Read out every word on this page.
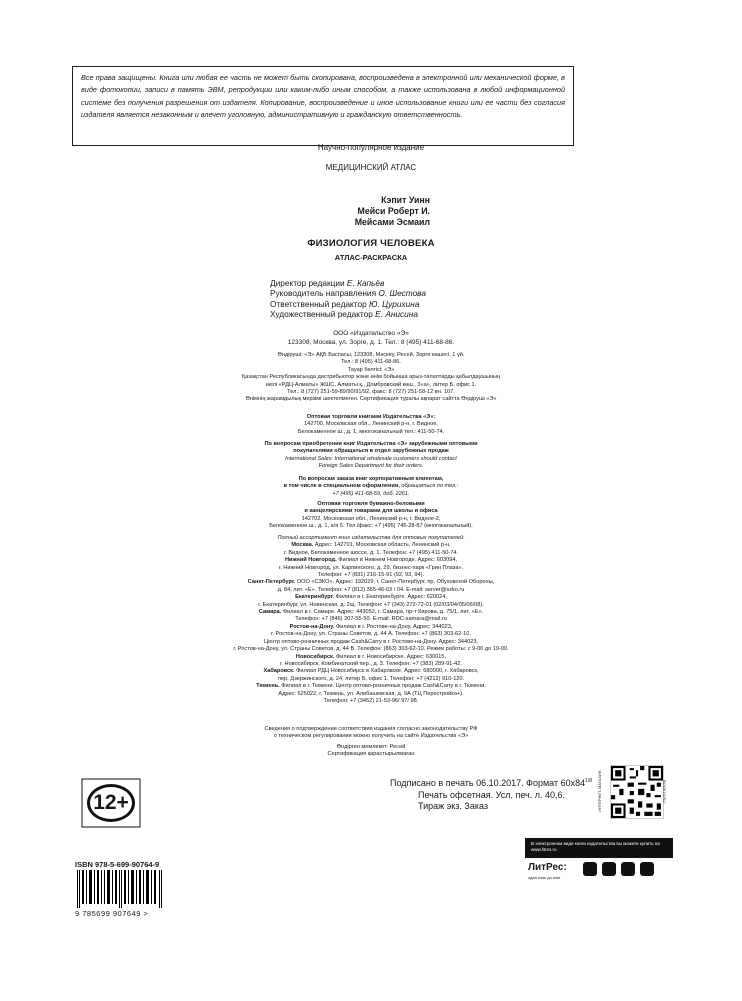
Все права защищены. Книга или любая ее часть не может быть скопирована, воспроизведена в электронной или механической форме, в виде фотокопии, записи в память ЭВМ, репродукции или каким-либо иным способом, а также использована в любой информационной системе без получения разрешения от издателя. Копирование, воспроизведение и иное использование книги или ее части без согласия издателя является незаконным и влечет уголовную, административную и гражданскую ответственность.
Научно-популярное издание
МЕДИЦИНСКИЙ АТЛАС
Кэпит Уинн
Мейси Роберт И.
Мейсами Эсмаил
ФИЗИОЛОГИЯ ЧЕЛОВЕКА
АТЛАС-РАСКРАСКА
Директор редакции Е. Капьёв
Руководитель направления О. Шестова
Ответственный редактор Ю. Цурихина
Художественный редактор Е. Анисина
ООО «Издательство «Э»
123308, Москва, ул. Зорге, д. 1. Тел.: 8 (495) 411-68-86.
Өндіруші: «Э» АҚБ Баспасы, 123308, Мәскеу, Ресей, Зорге көшесі, 1 үй.
Тел.: 8 (495) 411-68-86.
Тауар белгісі: «Э»
Қазақстан Республикасында дистрибьютор және өнім бойынша арыз-талаптарды қабылдаушының
өкілі «РДЦ-Алматы» ЖШС, Алматы қ., Домбровский көш., 3«а», литер Б, офис 1.
Тел.: 8 (727) 251-59-89/90/91/92, факс: 8 (727) 251-58-12 вн. 107.
Өнімнің жарамдылық мерзімі шектелмеген. Сертификация туралы ақпарат сайтта Өндіруші «Э»
Оптовая торговля книгами Издательства «Э»:
142700, Московская обл., Ленинский р-н, г. Видное,
Белокаменное ш., д. 1, многоканальный тел.: 411-50-74.
По вопросам приобретения книг Издательства «Э» зарубежными оптовыми
покупателями обращаться в отдел зарубежных продаж
International Sales: International wholesale customers should contact
Foreign Sales Department for their orders.
По вопросам заказа книг корпоративным клиентам,
в том числе в специальном оформлении, обращаться по тел.:
+7 (495) 411-68-59, доб. 2261.
Оптовая торговля бумажно-беловыми
и канцелярскими товарами для школы и офиса
142702, Московская обл., Ленинский р-н, г. Видное-2,
Белокаменное ш., д. 1, а/я 5. Тел./факс: +7 (495) 745-28-87 (многоканальный).
Полный ассортимент книг издательства для оптовых покупателей:
Москва. Адрес: 142701, Московская область, Ленинский р-н,
г. Видное, Белокаменное шоссе, д. 1. Телефон: +7 (495) 411-50-74.
Нижний Новгород. Филиал в Нижнем Новгороде. Адрес: 603094,
г. Нижний Новгород, ул. Карпинского, д. 29, бизнес-парк «Грин Плаза».
Телефон: +7 (831) 216-15-91 (92, 93, 94).
Санкт-Петербург. ООО «СЗКО». Адрес: 192029, г. Санкт-Петербург, пр. Обуховской Обороны,
д. 84, лит. «Е». Телефон: +7 (812) 365-46-03 / 04. E-mail: server@szko.ru
Екатеринбург. Филиал в г. Екатеринбурге. Адрес: 620024,
г. Екатеринбург, ул. Новинская, д. 2щ. Телефон: +7 (343) 272-72-01 (02/03/04/05/06/08).
Самара. Филиал в г. Самаре. Адрес: 443052, г. Самара, пр-т Кирова, д. 75/1, лит. «Е».
Телефон: +7 (846) 207-55-50. E-mail: RDC-samara@mail.ru
Ростов-на-Дону. Филиал в г. Ростове-на-Дону. Адрес: 344023,
г. Ростов-на-Дону, ул. Страны Советов, д. 44 А. Телефон: +7 (863) 303-62-10.
Центр оптово-розничных продаж Cash&Carry в г. Ростове-на-Дону. Адрес: 344023,
г. Ростов-на-Дону, ул. Страны Советов, д. 44 В. Телефон: (863) 303-62-10. Режим работы: с 9-00 до 19-00.
Новосибирск. Филиал в г. Новосибирске. Адрес: 630015,
г. Новосибирск, Комбинатский пер., д. 3. Телефон: +7 (383) 289-91-42.
Хабаровск. Филиал РДЦ Новосибирск в Хабаровске. Адрес: 680000, г. Хабаровск,
пер. Дзержинского, д. 24, литер Б, офис 1. Телефон: +7 (4212) 910-120.
Тюмень. Филиал в г. Тюмени. Центр оптово-розничных продаж Cash&Carry в г. Тюмени.
Адрес: 625022, г. Тюмень, ул. Алебашевская, д. 9А (ТЦ Перестройка+).
Телефон: +7 (3452) 21-53-96/ 97/ 98.
Сведения о подтверждении соответствия издания согласно законодательству РФ
о техническом регулировании можно получить на сайте Издательства «Э»
Өндірген мемлекет: Ресей
Сертификация қарастырылмаған
12+
Подписано в печать 06.10.2017. Формат $60x84^{1/8}$
Печать офсетная. Усл. печ. л. 40,6.
Тираж экз. Заказ
ISBN 978-5-699-90764-9
9 785699 907649 >
ИНТЕРНЕТ-МАГАЗИН	BOOK24.RU
В электронном виде книги издательства вы можете купить на www.litres.ru
ЛитРес:
один клик до книг
